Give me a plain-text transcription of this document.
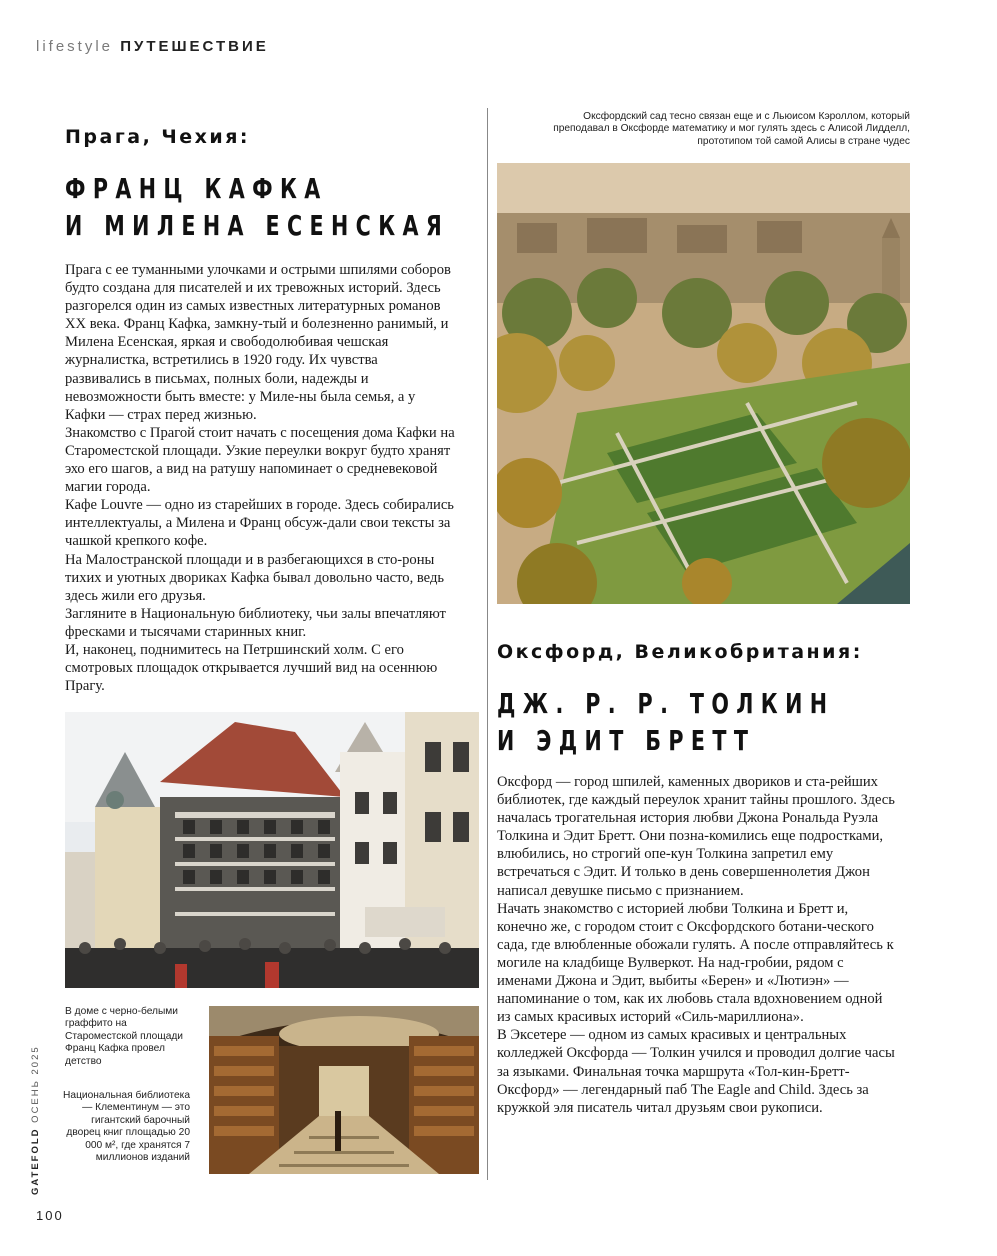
lifestyle ПУТЕШЕСТВИЕ
Прага, Чехия:
ФРАНЦ КАФКА
И МИЛЕНА ЕСЕНСКАЯ

Прага с ее туманными улочками и острыми шпилями соборов будто создана для писателей и их тревожных историй. Здесь разгорелся один из самых известных литературных романов XX века. Франц Кафка, замкну-тый и болезненно ранимый, и Милена Есенская, яркая и свободолюбивая чешская журналистка, встретились в 1920 году. Их чувства развивались в письмах, полных боли, надежды и невозможности быть вместе: у Миле-ны была семья, а у Кафки — страх перед жизнью.

Знакомство с Прагой стоит начать с посещения дома Кафки на Староместской площади. Узкие переулки вокруг будто хранят эхо его шагов, а вид на ратушу напоминает о средневековой магии города.

Кафе Louvre — одно из старейших в городе. Здесь собирались интеллектуалы, а Милена и Франц обсуж-дали свои тексты за чашкой крепкого кофе.

На Малостранской площади и в разбегающихся в сто-роны тихих и уютных двориках Кафка бывал довольно часто, ведь здесь жили его друзья.

Загляните в Национальную библиотеку, чьи залы впечатляют фресками и тысячами старинных книг.

И, наконец, поднимитесь на Петршинский холм. С его смотровых площадок открывается лучший вид на осеннюю Прагу.

В доме с черно-белыми граффито на Староместской площади Франц Кафка провел детство
Национальная библиотека — Клементинум — это гигантский барочный дворец книг площадью 20 000 м², где хранятся 7 миллионов изданий
Оксфордский сад тесно связан еще и с Льюисом Кэроллом, который преподавал в Оксфорде математику и мог гулять здесь с Алисой Лидделл, прототипом той самой Алисы в стране чудес
Оксфорд, Великобритания:
ДЖ. Р. Р. ТОЛКИН
И ЭДИТ БРЕТТ

Оксфорд — город шпилей, каменных двориков и ста-рейших библиотек, где каждый переулок хранит тайны прошлого. Здесь началась трогательная история любви Джона Рональда Руэла Толкина и Эдит Бретт. Они позна-комились еще подростками, влюбились, но строгий опе-кун Толкина запретил ему встречаться с Эдит. И только в день совершеннолетия Джон написал девушке письмо с признанием.

Начать знакомство с историей любви Толкина и Бретт и, конечно же, с городом стоит с Оксфордского ботани-ческого сада, где влюбленные обожали гулять. А после отправляйтесь к могиле на кладбище Вулверкот. На над-гробии, рядом с именами Джона и Эдит, выбиты «Берен» и «Лютиэн» — напоминание о том, как их любовь стала вдохновением одной из самых красивых историй «Силь-мариллиона».

В Эксетере — одном из самых красивых и центральных колледжей Оксфорда — Толкин учился и проводил долгие часы за языками. Финальная точка маршрута «Тол-кин-Бретт-Оксфорд» — легендарный паб The Eagle and Child. Здесь за кружкой эля писатель читал друзьям свои рукописи.

GATEFOLD ОСЕНЬ 2025
100
